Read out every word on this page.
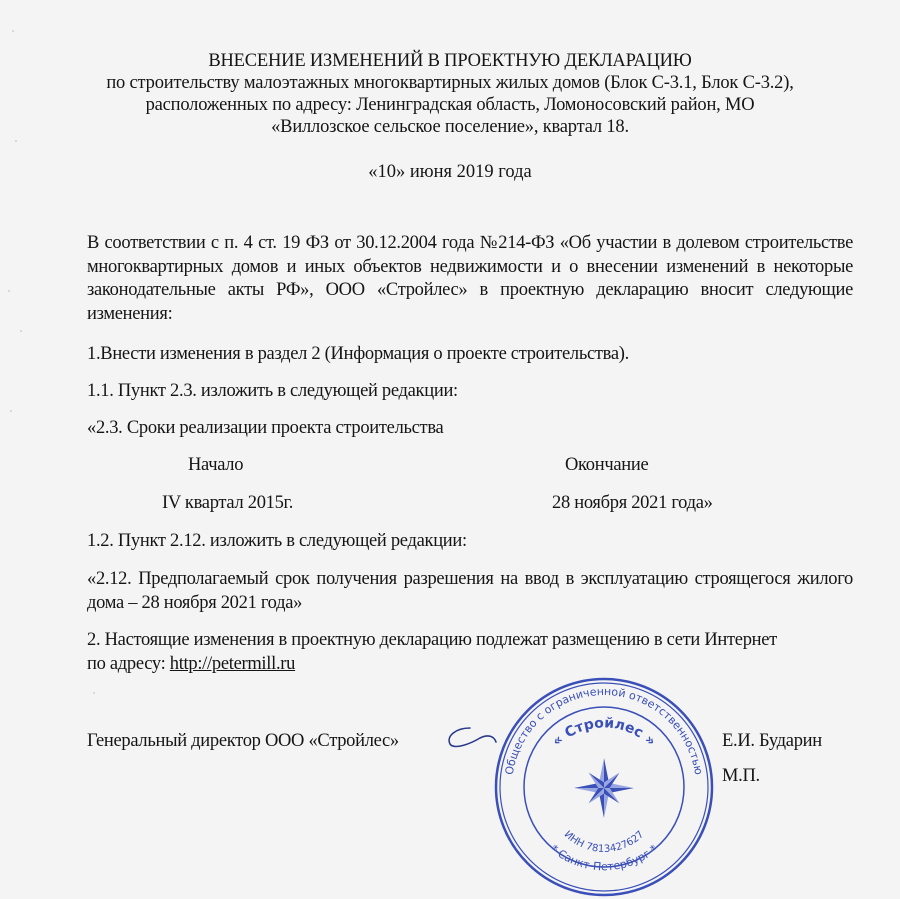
ВНЕСЕНИЕ ИЗМЕНЕНИЙ В ПРОЕКТНУЮ ДЕКЛАРАЦИЮ
по строительству малоэтажных многоквартирных жилых домов (Блок С-3.1, Блок С-3.2),
расположенных по адресу: Ленинградская область, Ломоносовский район, МО
«Виллозское сельское поселение», квартал 18.
«10» июня 2019 года
В соответствии с п. 4 ст. 19 ФЗ от 30.12.2004 года №214-ФЗ «Об участии в долевом строительстве многоквартирных домов и иных объектов недвижимости и о внесении изменений в некоторые законодательные акты РФ», ООО «Стройлес» в проектную декларацию вносит следующие изменения:
1.Внести изменения в раздел 2 (Информация о проекте строительства).
1.1. Пункт 2.3. изложить в следующей редакции:
«2.3. Сроки реализации проекта строительства
Начало	Окончание
IV квартал 2015г.	28 ноября 2021 года»
1.2. Пункт 2.12. изложить в следующей редакции:
«2.12. Предполагаемый срок получения разрешения на ввод в эксплуатацию строящегося жилого дома – 28 ноября 2021 года»
2. Настоящие изменения в проектную декларацию подлежат размещению в сети Интернет
по адресу: http://petermill.ru
Генеральный директор ООО «Стройлес»
Общество с ограниченной ответственностью
* Санкт-Петербург *
« Стройлес »
ИНН 7813427627
Е.И. Бударин
М.П.
